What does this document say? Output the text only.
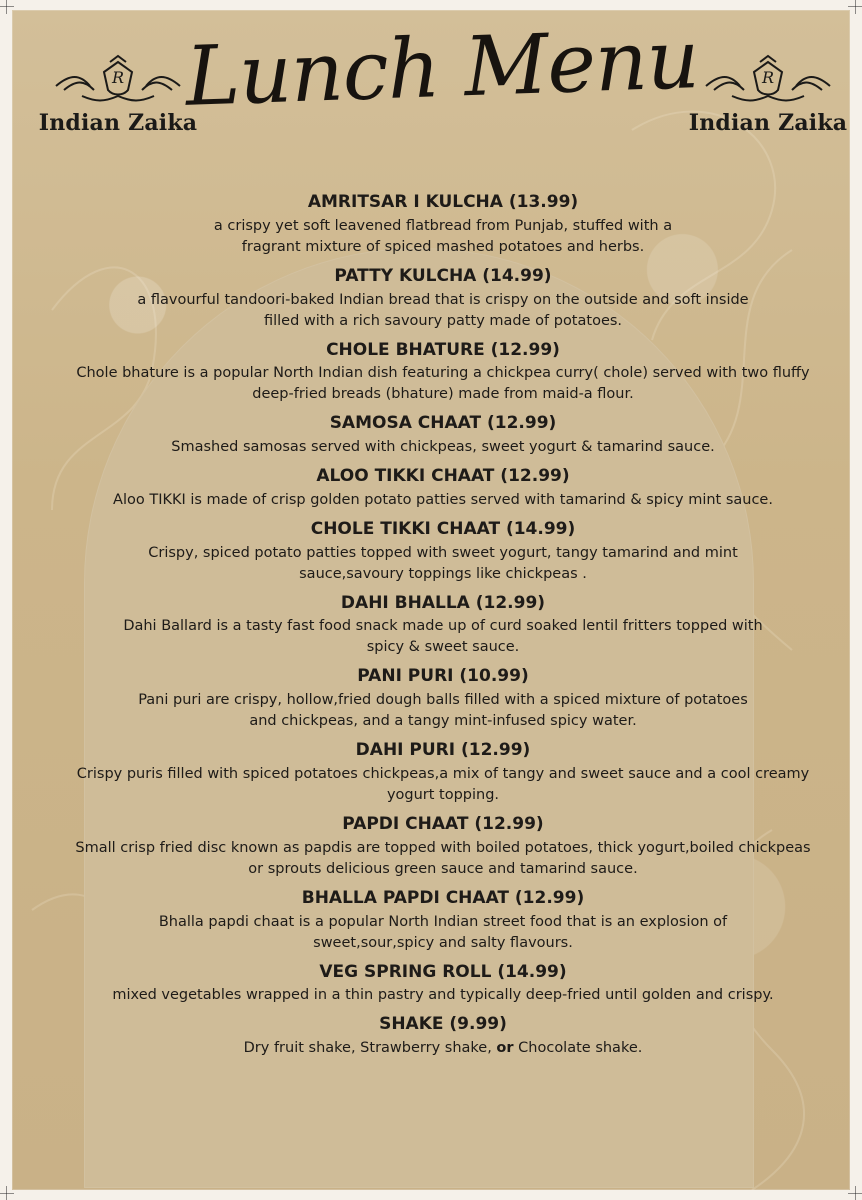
R
Indian Zaika
R
Indian Zaika
Lunch Menu
AMRITSAR I KULCHA (13.99)

a crispy yet soft leavened flatbread from Punjab, stuffed with a fragrant mixture of spiced mashed potatoes and herbs.

PATTY KULCHA (14.99)

a flavourful tandoori-baked Indian bread that is crispy on the outside and soft inside filled with a rich savoury patty made of potatoes.

CHOLE BHATURE (12.99)

Chole bhature is a popular North Indian dish featuring a chickpea curry( chole) served with two fluffy deep-fried breads (bhature) made from maid-a flour.

SAMOSA CHAAT (12.99)

Smashed samosas served with chickpeas, sweet yogurt & tamarind sauce.

ALOO TIKKI CHAAT (12.99)

Aloo TIKKI is made of crisp golden potato patties served with tamarind & spicy mint sauce.

CHOLE TIKKI CHAAT (14.99)

Crispy, spiced potato patties topped with sweet yogurt, tangy tamarind and mint sauce,savoury toppings like chickpeas .

DAHI BHALLA (12.99)

Dahi Ballard is a tasty fast food snack made up of curd soaked lentil fritters topped with spicy & sweet sauce.

PANI PURI (10.99)

Pani puri are crispy, hollow,fried dough balls filled with a spiced mixture of potatoes and chickpeas, and a tangy mint-infused spicy water.

DAHI PURI (12.99)

Crispy puris filled with spiced potatoes chickpeas,a mix of tangy and sweet sauce and a cool creamy yogurt topping.

PAPDI CHAAT (12.99)

Small crisp fried disc known as papdis are topped with boiled potatoes, thick yogurt,boiled chickpeas or sprouts delicious green sauce and tamarind sauce.

BHALLA PAPDI CHAAT (12.99)

Bhalla papdi chaat is a popular North Indian street food that is an explosion of sweet,sour,spicy and salty flavours.

VEG SPRING ROLL (14.99)

mixed vegetables wrapped in a thin pastry and typically deep-fried until golden and crispy.

SHAKE (9.99)

Dry fruit shake, Strawberry shake, or Chocolate shake.
